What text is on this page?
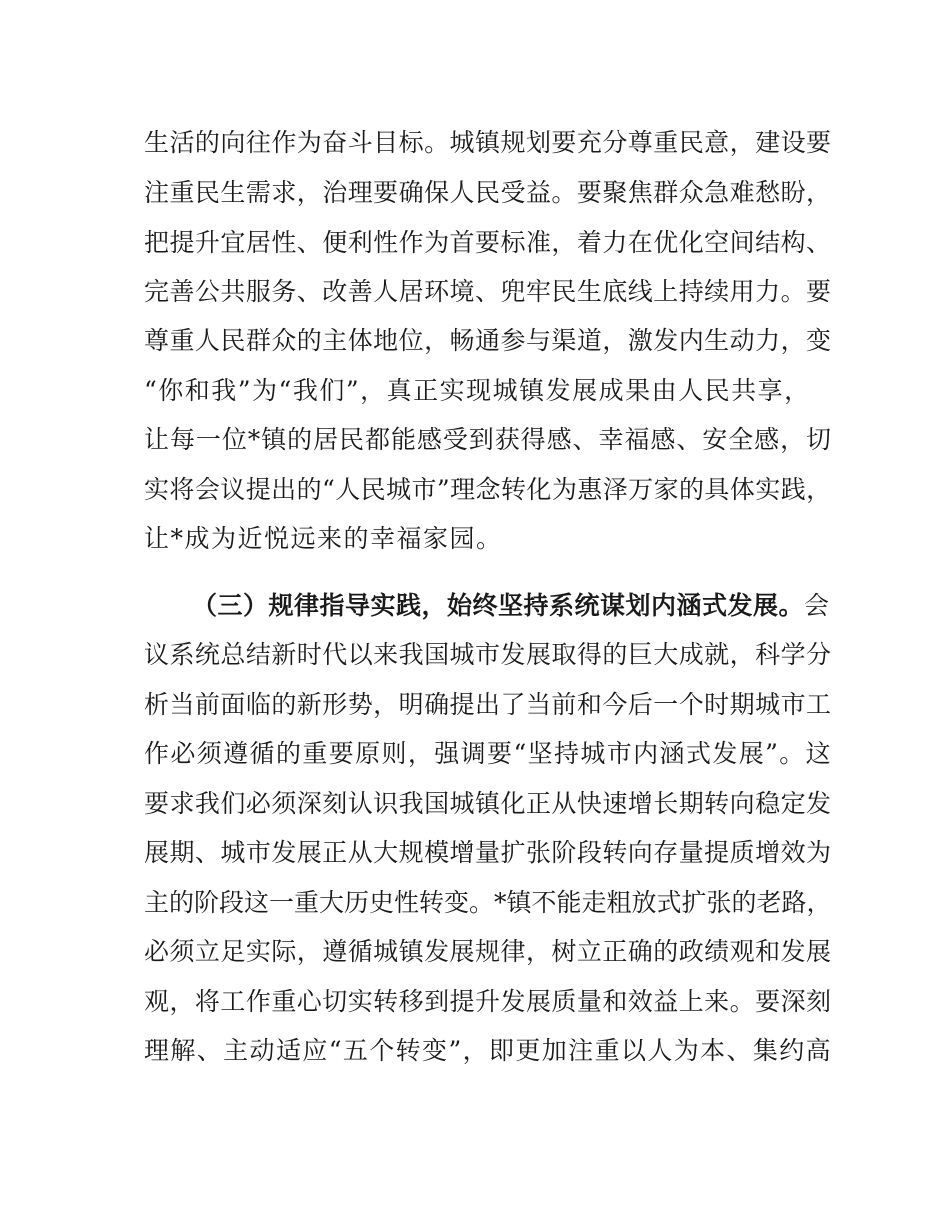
生活的向往作为奋斗目标。城镇规划要充分尊重民意，建设要
注重民生需求，治理要确保人民受益。要聚焦群众急难愁盼，
把提升宜居性、便利性作为首要标准，着力在优化空间结构、
完善公共服务、改善人居环境、兜牢民生底线上持续用力。要
尊重人民群众的主体地位，畅通参与渠道，激发内生动力，变
“你和我”为“我们”，真正实现城镇发展成果由人民共享，
让每一位*镇的居民都能感受到获得感、幸福感、安全感，切
实将会议提出的“人民城市”理念转化为惠泽万家的具体实践，
让*成为近悦远来的幸福家园。
（三）规律指导实践，始终坚持系统谋划内涵式发展。会
议系统总结新时代以来我国城市发展取得的巨大成就，科学分
析当前面临的新形势，明确提出了当前和今后一个时期城市工
作必须遵循的重要原则，强调要“坚持城市内涵式发展”。这
要求我们必须深刻认识我国城镇化正从快速增长期转向稳定发
展期、城市发展正从大规模增量扩张阶段转向存量提质增效为
主的阶段这一重大历史性转变。*镇不能走粗放式扩张的老路，
必须立足实际，遵循城镇发展规律，树立正确的政绩观和发展
观，将工作重心切实转移到提升发展质量和效益上来。要深刻
理解、主动适应“五个转变”，即更加注重以人为本、集约高
